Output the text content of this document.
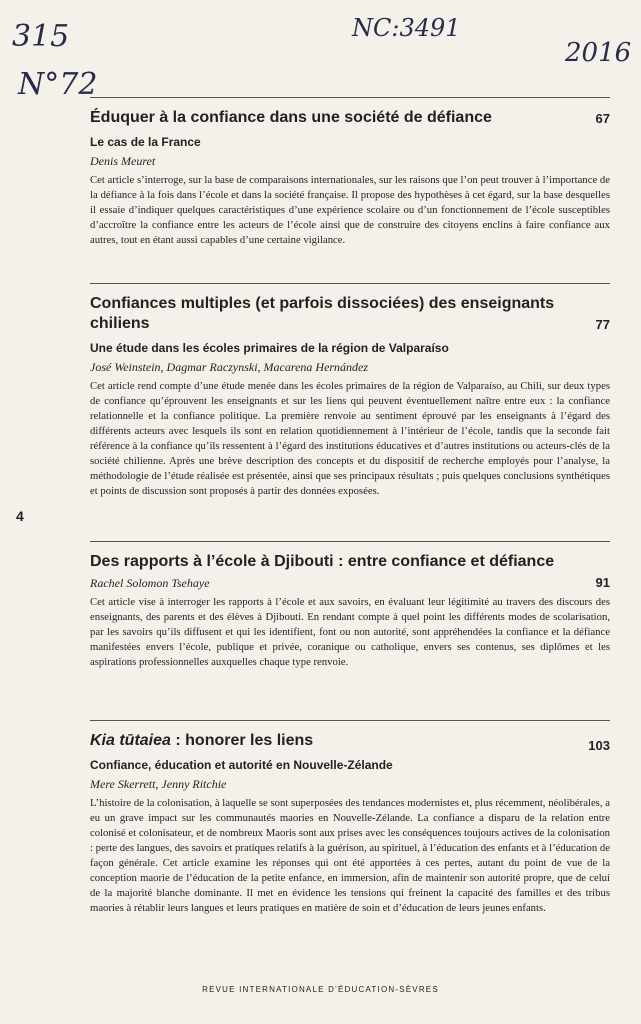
315
N°72
NC:3491
2016
4
67
Éduquer à la confiance dans une société de défiance
Le cas de la France
Denis Meuret
Cet article s’interroge, sur la base de comparaisons internationales, sur les raisons que l’on peut trouver à l’importance de la défiance à la fois dans l’école et dans la société française. Il propose des hypothèses à cet égard, sur la base desquelles il essaie d’indiquer quelques caractéristiques d’une expérience scolaire ou d’un fonctionnement de l’école susceptibles d’accroître la confiance entre les acteurs de l’école ainsi que de construire des citoyens enclins à faire confiance aux autres, tout en étant aussi capables d’une certaine vigilance.
77
Confiances multiples (et parfois dissociées) des enseignants chiliens
Une étude dans les écoles primaires de la région de Valparaíso
José Weinstein, Dagmar Raczynski, Macarena Hernández
Cet article rend compte d’une étude menée dans les écoles primaires de la région de Valparaíso, au Chili, sur deux types de confiance qu’éprouvent les enseignants et sur les liens qui peuvent éventuellement naître entre eux : la confiance relationnelle et la confiance politique. La première renvoie au sentiment éprouvé par les enseignants à l’égard des différents acteurs avec lesquels ils sont en relation quotidiennement à l’intérieur de l’école, tandis que la seconde fait référence à la confiance qu’ils ressentent à l’égard des institutions éducatives et d’autres institutions ou acteurs-clés de la société chilienne. Après une brève description des concepts et du dispositif de recherche employés pour l’analyse, la méthodologie de l’étude réalisée est présentée, ainsi que ses principaux résultats ; puis quelques conclusions synthétiques et points de discussion sont proposés à partir des données exposées.
91
Des rapports à l’école à Djibouti : entre confiance et défiance
Rachel Solomon Tsehaye
Cet article vise à interroger les rapports à l’école et aux savoirs, en évaluant leur légitimité au travers des discours des enseignants, des parents et des élèves à Djibouti. En rendant compte à quel point les différents modes de scolarisation, par les savoirs qu’ils diffusent et qui les identifient, font ou non autorité, sont appréhendées la confiance et la défiance manifestées envers l’école, publique et privée, coranique ou catholique, envers ses contenus, ses diplômes et les aspirations professionnelles auxquelles chaque type renvoie.
103
Kia tūtaiea : honorer les liens
Confiance, éducation et autorité en Nouvelle-Zélande
Mere Skerrett, Jenny Ritchie
L’histoire de la colonisation, à laquelle se sont superposées des tendances modernistes et, plus récemment, néolibérales, a eu un grave impact sur les communautés maories en Nouvelle-Zélande. La confiance a disparu de la relation entre colonisé et colonisateur, et de nombreux Maoris sont aux prises avec les conséquences toujours actives de la colonisation : perte des langues, des savoirs et pratiques relatifs à la guérison, au spirituel, à l’éducation des enfants et à l’éducation de façon générale. Cet article examine les réponses qui ont été apportées à ces pertes, autant du point de vue de la conception maorie de l’éducation de la petite enfance, en immersion, afin de maintenir son autorité propre, que de celui de la majorité blanche dominante. Il met en évidence les tensions qui freinent la capacité des familles et des tribus maories à rétablir leurs langues et leurs pratiques en matière de soin et d’éducation de leurs jeunes enfants.
REVUE INTERNATIONALE D’ÉDUCATION-SÈVRES
